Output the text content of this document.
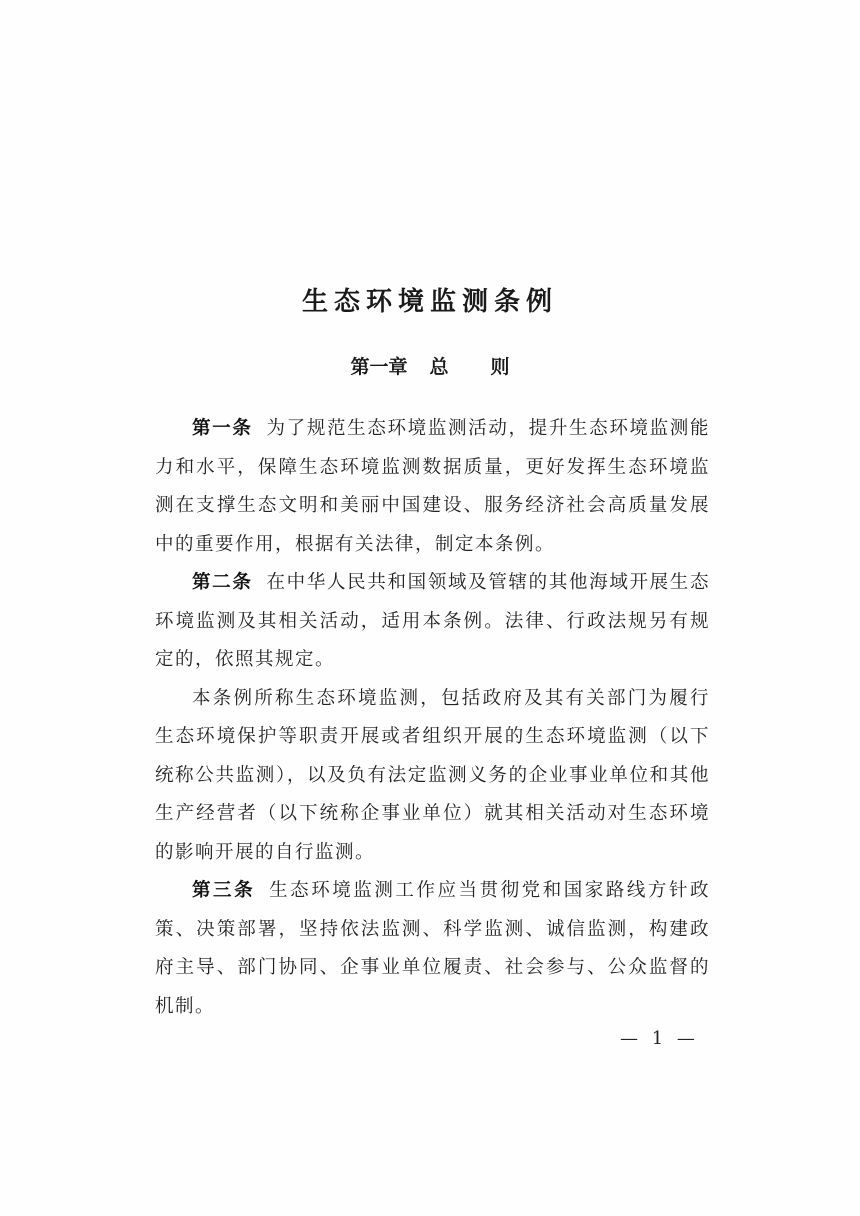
生态环境监测条例
第一章 总 则

第一条 为了规范生态环境监测活动，提升生态环境监测能力和水平，保障生态环境监测数据质量，更好发挥生态环境监测在支撑生态文明和美丽中国建设、服务经济社会高质量发展中的重要作用，根据有关法律，制定本条例。

第二条 在中华人民共和国领域及管辖的其他海域开展生态环境监测及其相关活动，适用本条例。法律、行政法规另有规定的，依照其规定。

本条例所称生态环境监测，包括政府及其有关部门为履行生态环境保护等职责开展或者组织开展的生态环境监测（以下统称公共监测），以及负有法定监测义务的企业事业单位和其他生产经营者（以下统称企事业单位）就其相关活动对生态环境的影响开展的自行监测。

第三条 生态环境监测工作应当贯彻党和国家路线方针政策、决策部署，坚持依法监测、科学监测、诚信监测，构建政府主导、部门协同、企事业单位履责、社会参与、公众监督的机制。

— 1 —
